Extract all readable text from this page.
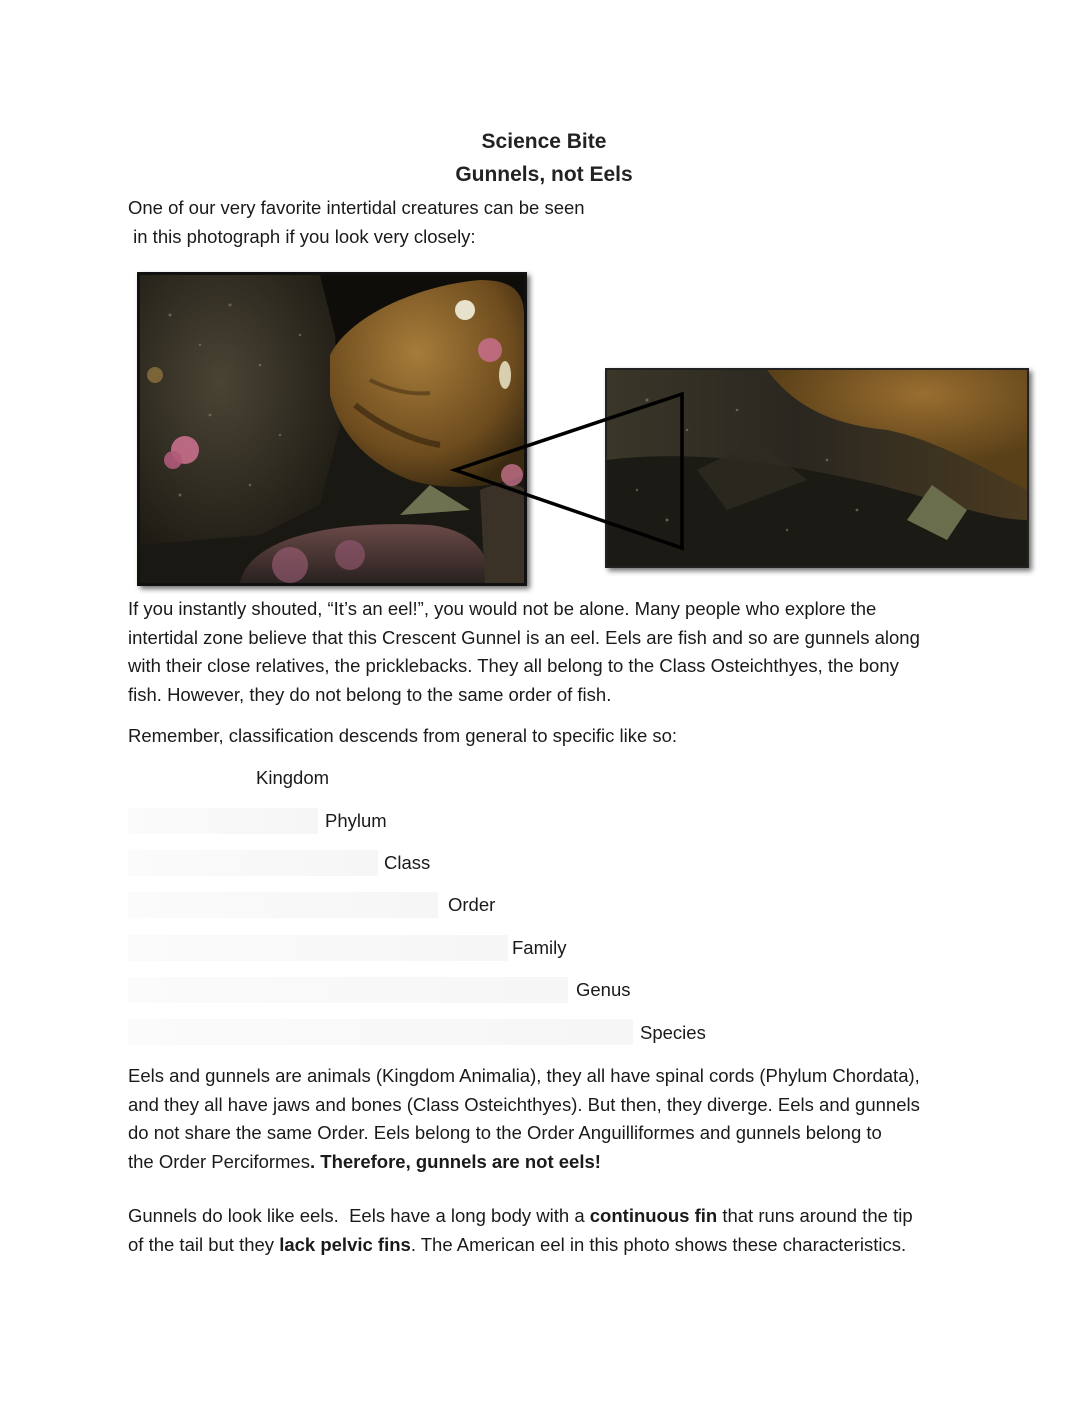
Science Bite
Gunnels, not Eels

One of our very favorite intertidal creatures can be seen

in this photograph if you look very closely:

If you instantly shouted, “It’s an eel!”, you would not be alone. Many people who explore the

intertidal zone believe that this Crescent Gunnel is an eel. Eels are fish and so are gunnels along

with their close relatives, the pricklebacks. They all belong to the Class Osteichthyes, the bony

fish. However, they do not belong to the same order of fish.

Remember, classification descends from general to specific like so:
Kingdom
Phylum
Class
Order
Family
Genus
Species

Eels and gunnels are animals (Kingdom Animalia), they all have spinal cords (Phylum Chordata),

and they all have jaws and bones (Class Osteichthyes). But then, they diverge. Eels and gunnels

do not share the same Order. Eels belong to the Order Anguilliformes and gunnels belong to

the Order Perciformes. Therefore, gunnels are not eels!

Gunnels do look like eels.  Eels have a long body with a continuous fin that runs around the tip

of the tail but they lack pelvic fins. The American eel in this photo shows these characteristics.
